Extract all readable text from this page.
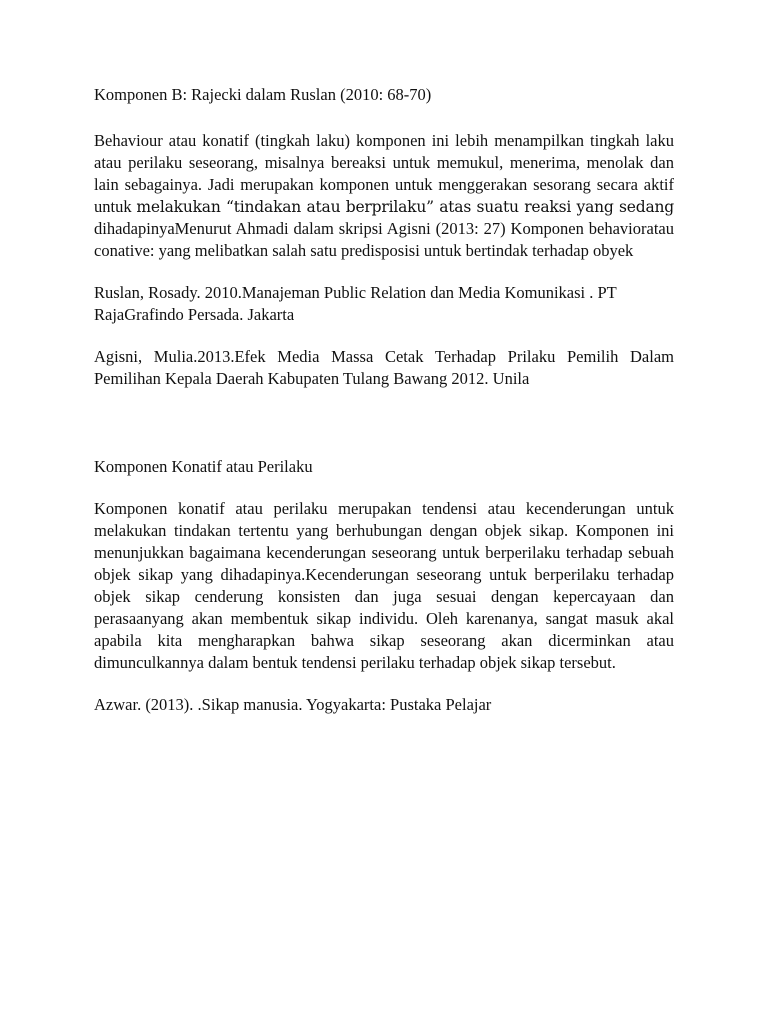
Komponen B: Rajecki dalam Ruslan (2010: 68-70)

Behaviour atau konatif (tingkah laku) komponen ini lebih menampilkan tingkah laku atau perilaku seseorang, misalnya bereaksi untuk memukul, menerima, menolak dan lain sebagainya. Jadi merupakan komponen untuk menggerakan sesorang secara aktif untuk melakukan “tindakan atau berprilaku” atas suatu reaksi yang sedang dihadapinyaMenurut Ahmadi dalam skripsi Agisni (2013: 27) Komponen behavioratau conative: yang melibatkan salah satu predisposisi untuk bertindak terhadap obyek

Ruslan, Rosady. 2010.Manajeman Public Relation dan Media Komunikasi . PT RajaGrafindo Persada. Jakarta

Agisni, Mulia.2013.Efek Media Massa Cetak Terhadap Prilaku Pemilih Dalam Pemilihan Kepala Daerah Kabupaten Tulang Bawang 2012. Unila

Komponen Konatif atau Perilaku

Komponen konatif atau perilaku merupakan tendensi atau kecenderungan untuk melakukan tindakan tertentu yang berhubungan dengan objek sikap. Komponen ini menunjukkan bagaimana kecenderungan seseorang untuk berperilaku terhadap sebuah objek sikap yang dihadapinya.Kecenderungan seseorang untuk berperilaku terhadap objek sikap cenderung konsisten dan juga sesuai dengan kepercayaan dan perasaanyang akan membentuk sikap individu. Oleh karenanya, sangat masuk akal apabila kita mengharapkan bahwa sikap seseorang akan dicerminkan atau dimunculkannya dalam bentuk tendensi perilaku terhadap objek sikap tersebut.

Azwar. (2013). .Sikap manusia. Yogyakarta: Pustaka Pelajar
